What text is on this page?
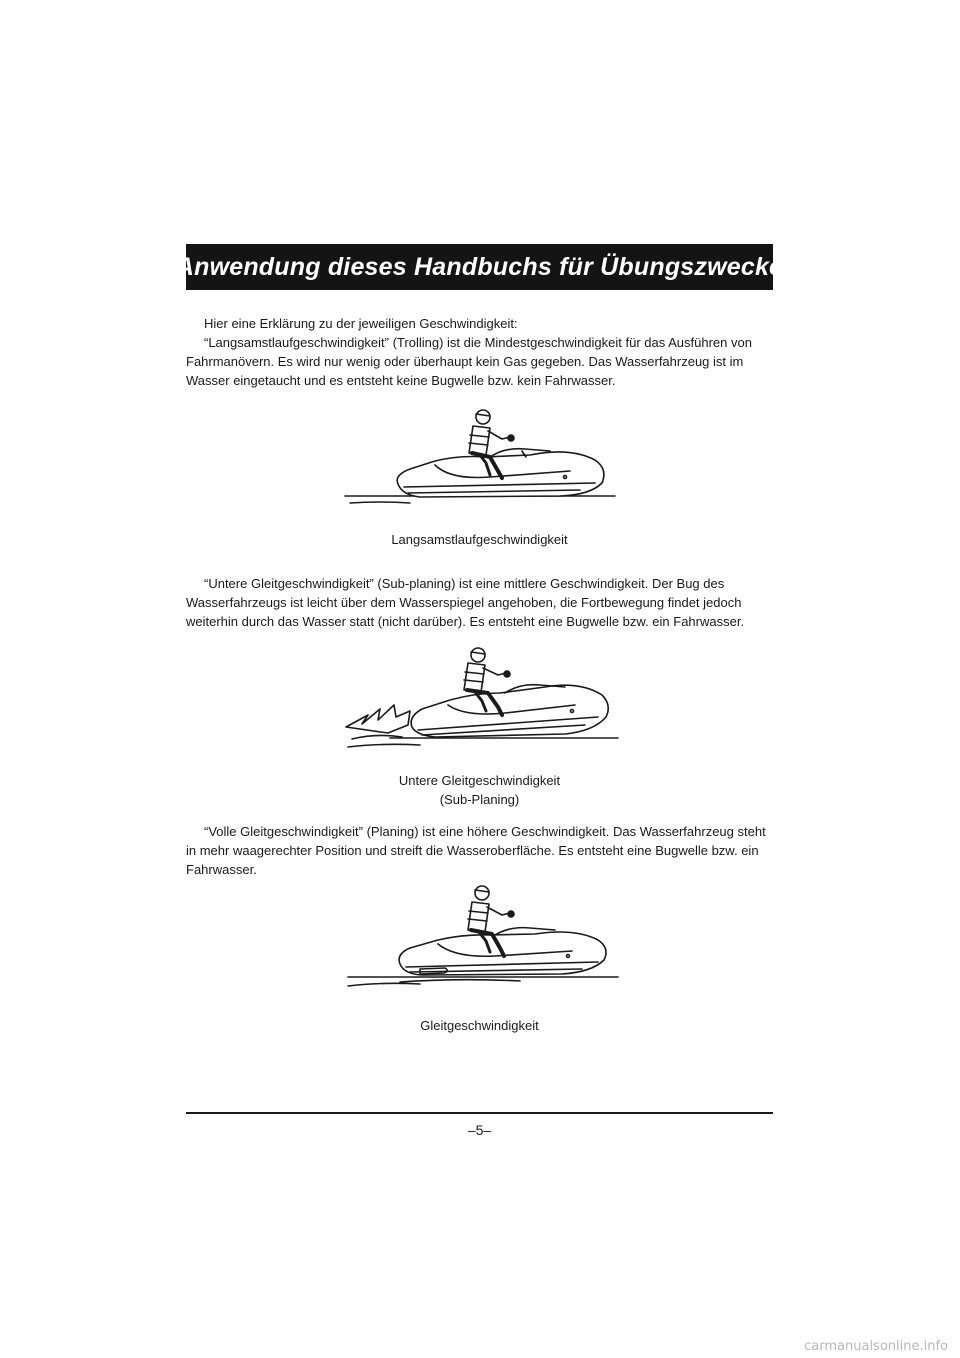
Anwendung dieses Handbuchs für Übungszwecke

Hier eine Erklärung zu der jeweiligen Geschwindigkeit:
“Langsamstlaufgeschwindigkeit” (Trolling) ist die Mindestgeschwindigkeit für das Ausführen von Fahrmanövern. Es wird nur wenig oder überhaupt kein Gas gegeben. Das Wasserfahrzeug ist im Wasser eingetaucht und es entsteht keine Bugwelle bzw. kein Fahrwasser.

Langsamstlaufgeschwindigkeit

“Untere Gleitgeschwindigkeit” (Sub-planing) ist eine mittlere Geschwindigkeit. Der Bug des Wasserfahrzeugs ist leicht über dem Wasserspiegel angehoben, die Fortbewegung findet jedoch weiterhin durch das Wasser statt (nicht darüber). Es entsteht eine Bugwelle bzw. ein Fahrwasser.

Untere Gleitgeschwindigkeit
(Sub-Planing)

“Volle Gleitgeschwindigkeit” (Planing) ist eine höhere Geschwindigkeit. Das Wasserfahrzeug steht in mehr waagerechter Position und streift die Wasseroberfläche. Es entsteht eine Bugwelle bzw. ein Fahrwasser.

Gleitgeschwindigkeit
–5–
carmanualsonline.info
